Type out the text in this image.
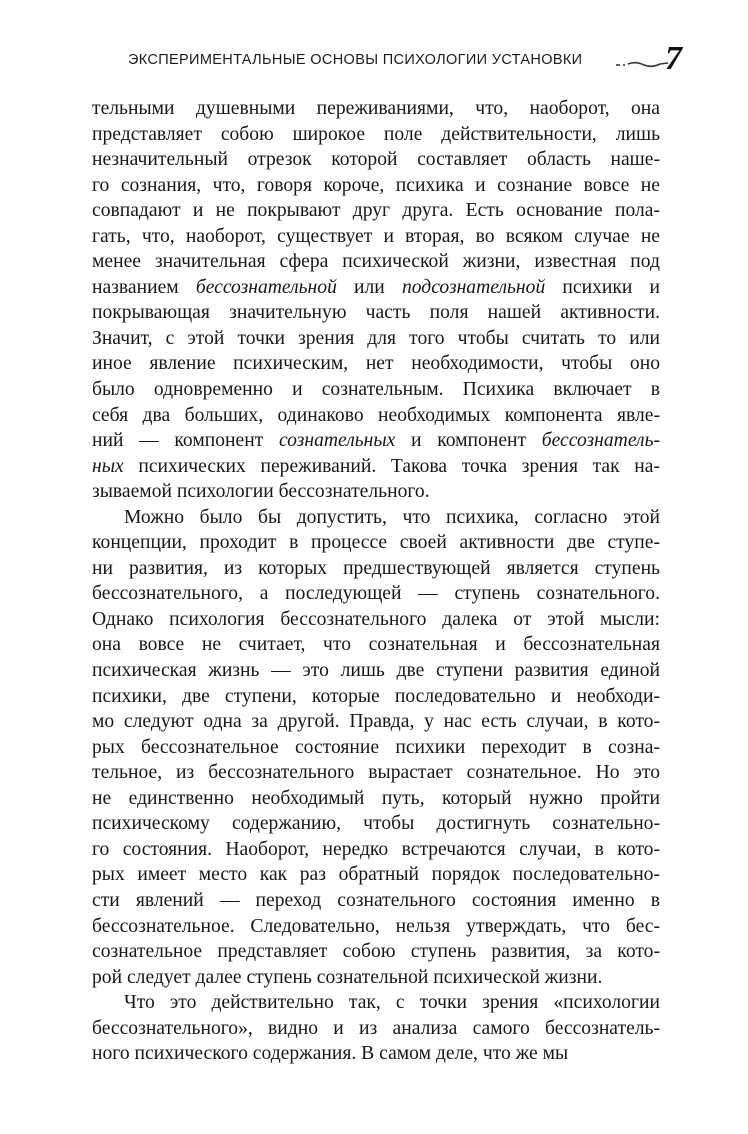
ЭКСПЕРИМЕНТАЛЬНЫЕ ОСНОВЫ ПСИХОЛОГИИ УСТАНОВКИ 7
тельными душевными переживаниями, что, наоборот, она
представляет собою широкое поле действительности, лишь
незначительный отрезок которой составляет область наше-
го сознания, что, говоря короче, психика и сознание вовсе не
совпадают и не покрывают друг друга. Есть основание пола-
гать, что, наоборот, существует и вторая, во всяком случае не
менее значительная сфера психической жизни, известная под
названием бессознательной или подсознательной психики и
покрывающая значительную часть поля нашей активности.
Значит, с этой точки зрения для того чтобы считать то или
иное явление психическим, нет необходимости, чтобы оно
было одновременно и сознательным. Психика включает в
себя два больших, одинаково необходимых компонента явле-
ний — компонент сознательных и компонент бессознатель-
ных психических переживаний. Такова точка зрения так на-
зываемой психологии бессознательного.
Можно было бы допустить, что психика, согласно этой
концепции, проходит в процессе своей активности две ступе-
ни развития, из которых предшествующей является ступень
бессознательного, а последующей — ступень сознательного.
Однако психология бессознательного далека от этой мысли:
она вовсе не считает, что сознательная и бессознательная
психическая жизнь — это лишь две ступени развития единой
психики, две ступени, которые последовательно и необходи-
мо следуют одна за другой. Правда, у нас есть случаи, в кото-
рых бессознательное состояние психики переходит в созна-
тельное, из бессознательного вырастает сознательное. Но это
не единственно необходимый путь, который нужно пройти
психическому содержанию, чтобы достигнуть сознательно-
го состояния. Наоборот, нередко встречаются случаи, в кото-
рых имеет место как раз обратный порядок последовательно-
сти явлений — переход сознательного состояния именно в
бессознательное. Следовательно, нельзя утверждать, что бес-
сознательное представляет собою ступень развития, за кото-
рой следует далее ступень сознательной психической жизни.
Что это действительно так, с точки зрения «психологии
бессознательного», видно и из анализа самого бессознатель-
ного психического содержания. В самом деле, что же мы
